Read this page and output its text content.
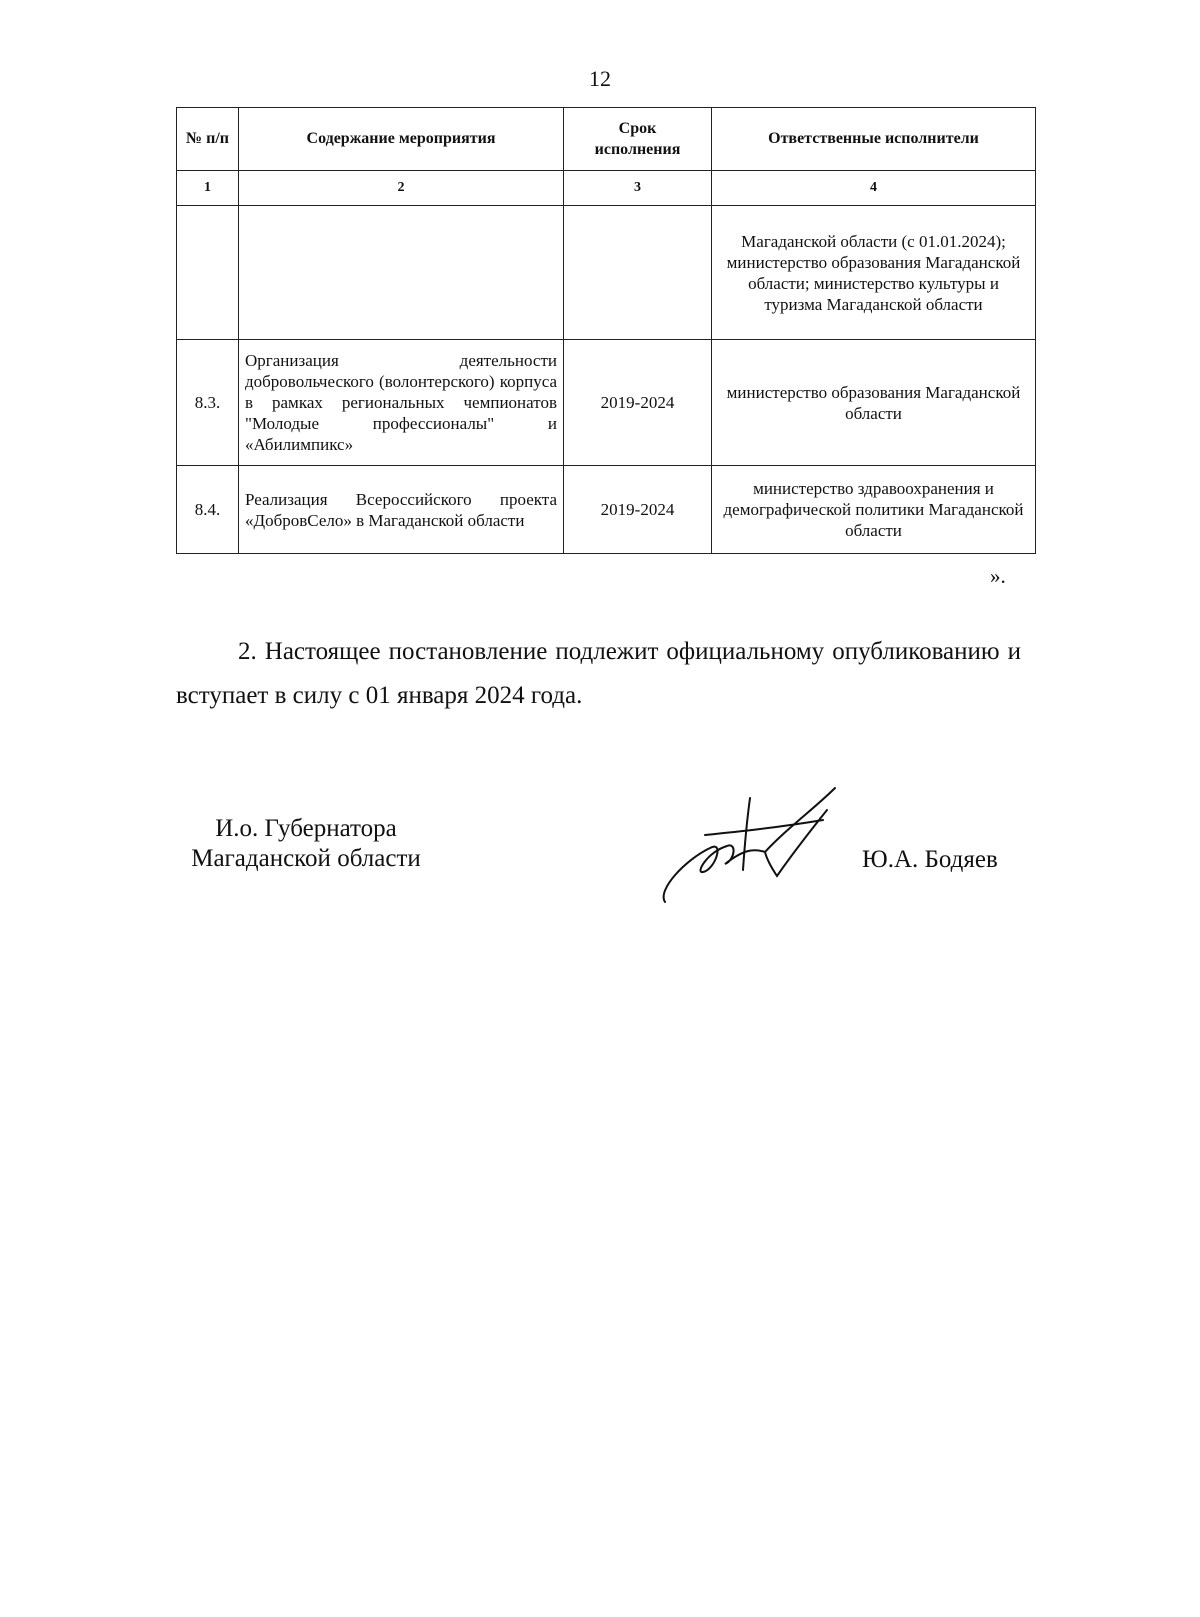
12
№ п/п	Содержание мероприятия	Срок исполнения	Ответственные исполнители
1	2	3	4
			Магаданской области (с 01.01.2024); министерство образования Магаданской области; министерство культуры и туризма Магаданской области
8.3.	Организация деятельности добровольческого (волонтерского) корпуса в рамках региональных чемпионатов "Молодые профессионалы" и «Абилимпикс»	2019-2024	министерство образования Магаданской области
8.4.	Реализация Всероссийского проекта «ДобровСело» в Магаданской области	2019-2024	министерство здравоохранения и демографической политики Магаданской области
».
2. Настоящее постановление подлежит официальному опубликованию и вступает в силу с 01 января 2024 года.
И.о. Губернатора Магаданской области	Ю.А. Бодяев
